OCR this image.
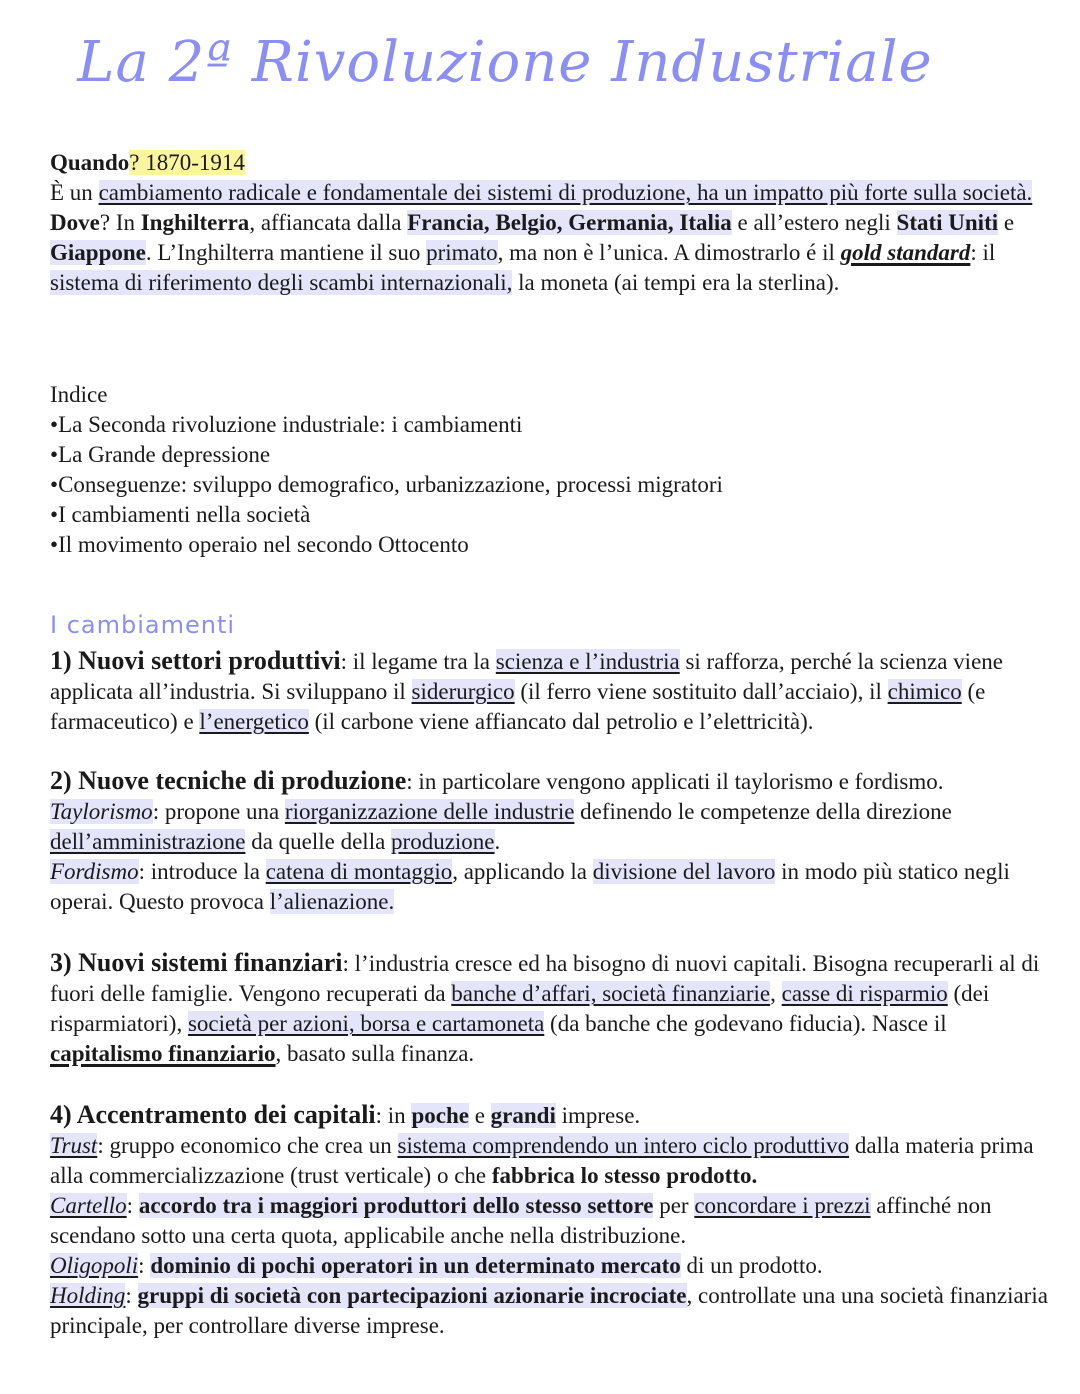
La 2ª Rivoluzione Industriale

Quando? 1870-1914

È un cambiamento radicale e fondamentale dei sistemi di produzione, ha un impatto più forte sulla società.

Dove? In Inghilterra, affiancata dalla Francia, Belgio, Germania, Italia e all’estero negli Stati Uniti e Giappone. L’Inghilterra mantiene il suo primato, ma non è l’unica. A dimostrarlo é il gold standard: il sistema di riferimento degli scambi internazionali, la moneta (ai tempi era la sterlina).

Indice

• La Seconda rivoluzione industriale: i cambiamenti
• La Grande depressione
• Conseguenze: sviluppo demografico, urbanizzazione, processi migratori
• I cambiamenti nella società
• Il movimento operaio nel secondo Ottocento
I cambiamenti

1) Nuovi settori produttivi: il legame tra la scienza e l’industria si rafforza, perché la scienza viene applicata all’industria. Si sviluppano il siderurgico (il ferro viene sostituito dall’acciaio), il chimico (e farmaceutico) e l’energetico (il carbone viene affiancato dal petrolio e l’elettricità).

2) Nuove tecniche di produzione: in particolare vengono applicati il taylorismo e fordismo.

Taylorismo: propone una riorganizzazione delle industrie definendo le competenze della direzione dell’amministrazione da quelle della produzione.

Fordismo: introduce la catena di montaggio, applicando la divisione del lavoro in modo più statico negli operai. Questo provoca l’alienazione.

3) Nuovi sistemi finanziari: l’industria cresce ed ha bisogno di nuovi capitali. Bisogna recuperarli al di fuori delle famiglie. Vengono recuperati da banche d’affari, società finanziarie, casse di risparmio (dei risparmiatori), società per azioni, borsa e cartamoneta (da banche che godevano fiducia). Nasce il capitalismo finanziario, basato sulla finanza.

4) Accentramento dei capitali: in poche e grandi imprese.

Trust: gruppo economico che crea un sistema comprendendo un intero ciclo produttivo dalla materia prima alla commercializzazione (trust verticale) o che fabbrica lo stesso prodotto.

Cartello: accordo tra i maggiori produttori dello stesso settore per concordare i prezzi affinché non scendano sotto una certa quota, applicabile anche nella distribuzione.

Oligopoli: dominio di pochi operatori in un determinato mercato di un prodotto.

Holding: gruppi di società con partecipazioni azionarie incrociate, controllate una una società finanziaria principale, per controllare diverse imprese.
